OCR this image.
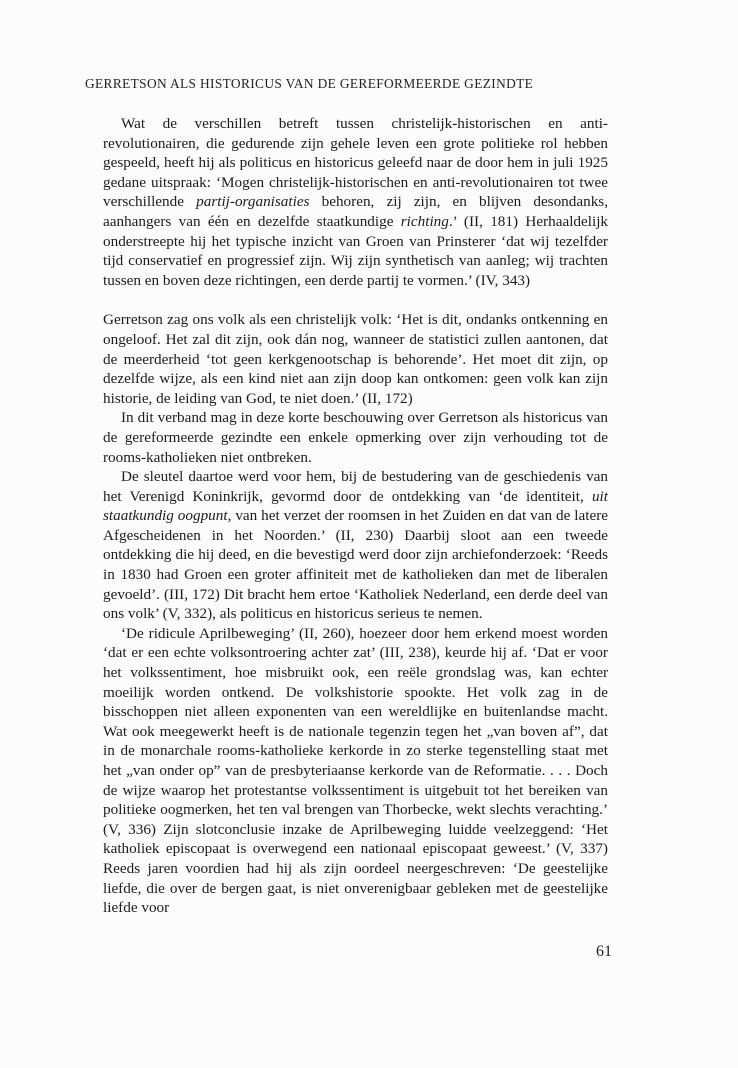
GERRETSON ALS HISTORICUS VAN DE GEREFORMEERDE GEZINDTE

Wat de verschillen betreft tussen christelijk-historischen en anti-revolutionairen, die gedurende zijn gehele leven een grote politieke rol hebben gespeeld, heeft hij als politicus en historicus geleefd naar de door hem in juli 1925 gedane uitspraak: ‘Mogen christelijk-historischen en anti-revolutionairen tot twee verschillende partij-organisaties behoren, zij zijn, en blijven desondanks, aanhangers van één en dezelfde staatkundige richting.’ (II, 181) Herhaaldelijk onderstreepte hij het typische inzicht van Groen van Prinsterer ‘dat wij tezelfder tijd conservatief en progressief zijn. Wij zijn synthetisch van aanleg; wij trachten tussen en boven deze richtingen, een derde partij te vormen.’ (IV, 343)

Gerretson zag ons volk als een christelijk volk: ‘Het is dit, ondanks ontkenning en ongeloof. Het zal dit zijn, ook dán nog, wanneer de statistici zullen aantonen, dat de meerderheid ‘tot geen kerkgenootschap is behorende’. Het moet dit zijn, op dezelfde wijze, als een kind niet aan zijn doop kan ontkomen: geen volk kan zijn historie, de leiding van God, te niet doen.’ (II, 172)

In dit verband mag in deze korte beschouwing over Gerretson als historicus van de gereformeerde gezindte een enkele opmerking over zijn verhouding tot de rooms-katholieken niet ontbreken.

De sleutel daartoe werd voor hem, bij de bestudering van de geschiedenis van het Verenigd Koninkrijk, gevormd door de ontdekking van ‘de identiteit, uit staatkundig oogpunt, van het verzet der roomsen in het Zuiden en dat van de latere Afgescheidenen in het Noorden.’ (II, 230) Daarbij sloot aan een tweede ontdekking die hij deed, en die bevestigd werd door zijn archiefonderzoek: ‘Reeds in 1830 had Groen een groter affiniteit met de katholieken dan met de liberalen gevoeld’. (III, 172) Dit bracht hem ertoe ‘Katholiek Nederland, een derde deel van ons volk’ (V, 332), als politicus en historicus serieus te nemen.

‘De ridicule Aprilbeweging’ (II, 260), hoezeer door hem erkend moest worden ‘dat er een echte volksontroering achter zat’ (III, 238), keurde hij af. ‘Dat er voor het volkssentiment, hoe misbruikt ook, een reële grondslag was, kan echter moeilijk worden ontkend. De volkshistorie spookte. Het volk zag in de bisschoppen niet alleen exponenten van een wereldlijke en buitenlandse macht. Wat ook meegewerkt heeft is de nationale tegenzin tegen het „van boven af”, dat in de monarchale rooms-katholieke kerkorde in zo sterke tegenstelling staat met het „van onder op” van de presbyteriaanse kerkorde van de Reformatie. . . . Doch de wijze waarop het protestantse volkssentiment is uitgebuit tot het bereiken van politieke oogmerken, het ten val brengen van Thorbecke, wekt slechts verachting.’ (V, 336) Zijn slotconclusie inzake de Aprilbeweging luidde veelzeggend: ‘Het katholiek episcopaat is overwegend een nationaal episcopaat geweest.’ (V, 337) Reeds jaren voordien had hij als zijn oordeel neergeschreven: ‘De geestelijke liefde, die over de bergen gaat, is niet onverenigbaar gebleken met de geestelijke liefde voor

61
